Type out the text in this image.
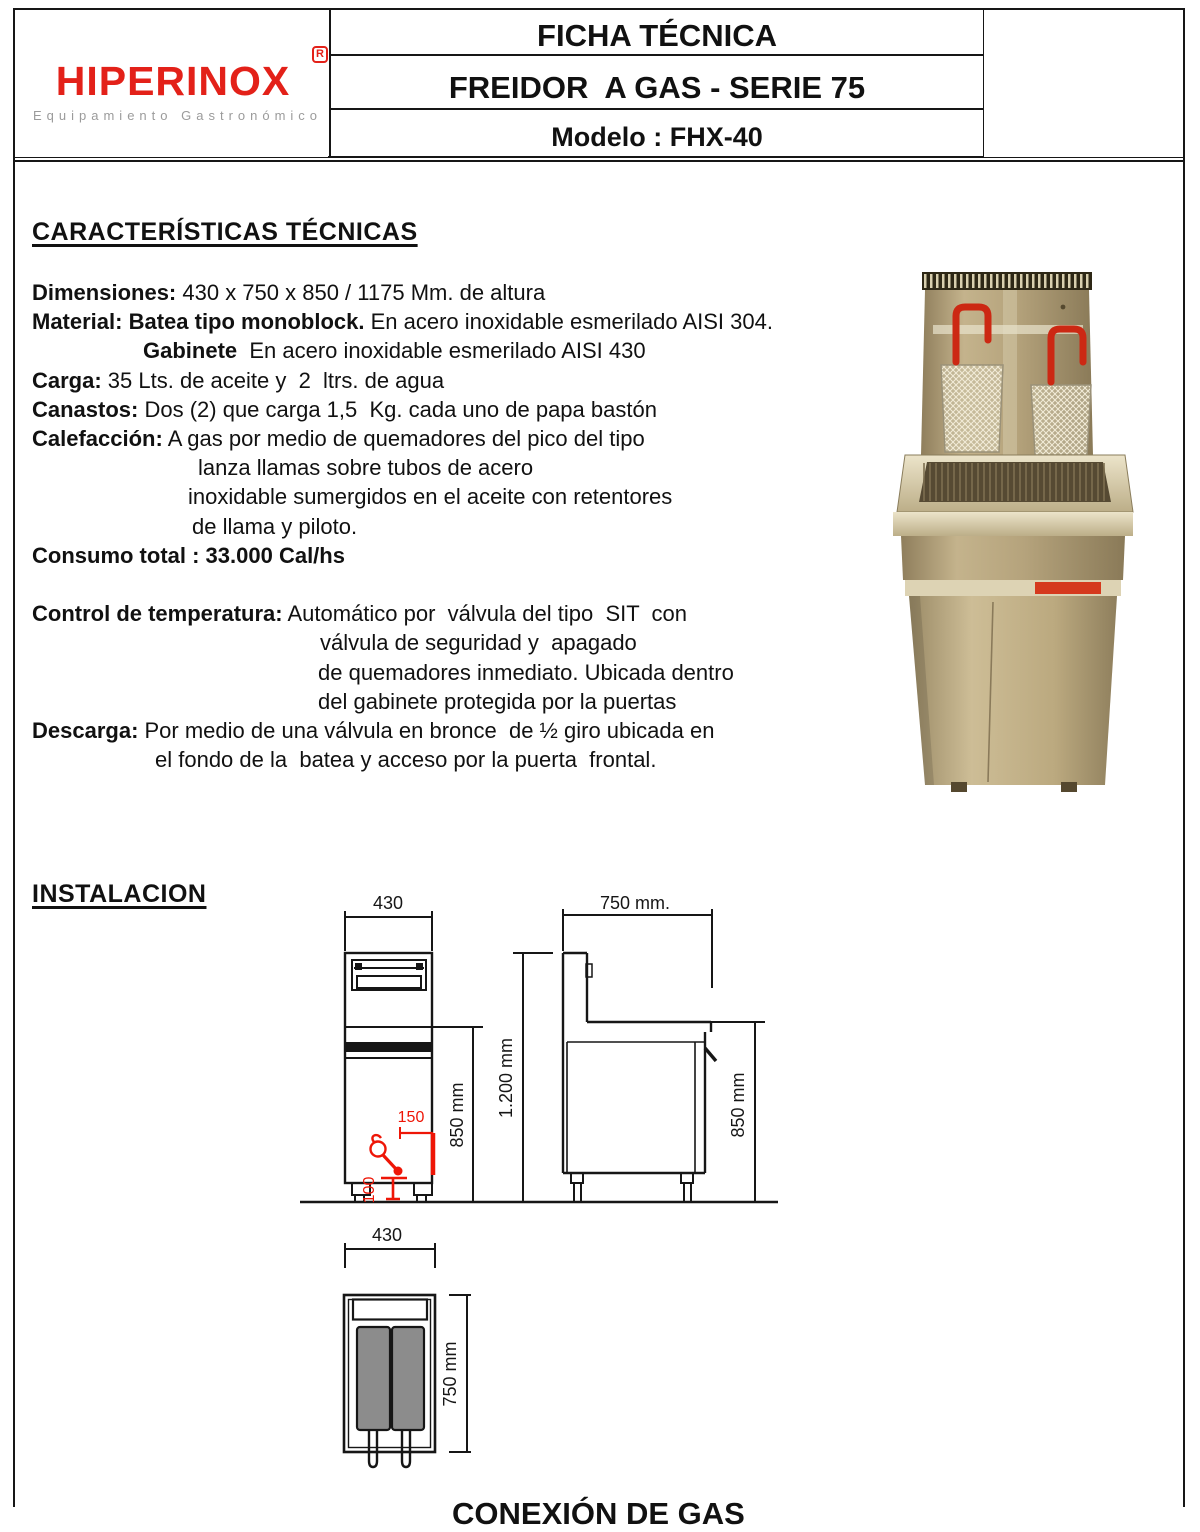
HIPERINOX
R
Equipamiento Gastronómico
FICHA TÉCNICA
FREIDOR  A GAS - SERIE 75
Modelo : FHX-40
CARACTERÍSTICAS TÉCNICAS
Dimensiones: 430 x 750 x 850 / 1175 Mm. de altura
Material: Batea tipo monoblock. En acero inoxidable esmerilado AISI 304.
Gabinete  En acero inoxidable esmerilado AISI 430
Carga: 35 Lts. de aceite y  2  ltrs. de agua
Canastos: Dos (2) que carga 1,5  Kg. cada uno de papa bastón
Calefacción: A gas por medio de quemadores del pico del tipo
lanza llamas sobre tubos de acero
inoxidable sumergidos en el aceite con retentores
de llama y piloto.
Consumo total : 33.000 Cal/hs

Control de temperatura: Automático por  válvula del tipo  SIT  con
válvula de seguridad y  apagado
de quemadores inmediato. Ubicada dentro
del gabinete protegida por la puertas
Descarga: Por medio de una válvula en bronce  de ½ giro ubicada en
el fondo de la  batea y acceso por la puerta  frontal.
INSTALACION	430
850 mm 1.200 mm
750 mm.
850 mm
150
100
430
750 mm
CONEXIÓN DE GAS
